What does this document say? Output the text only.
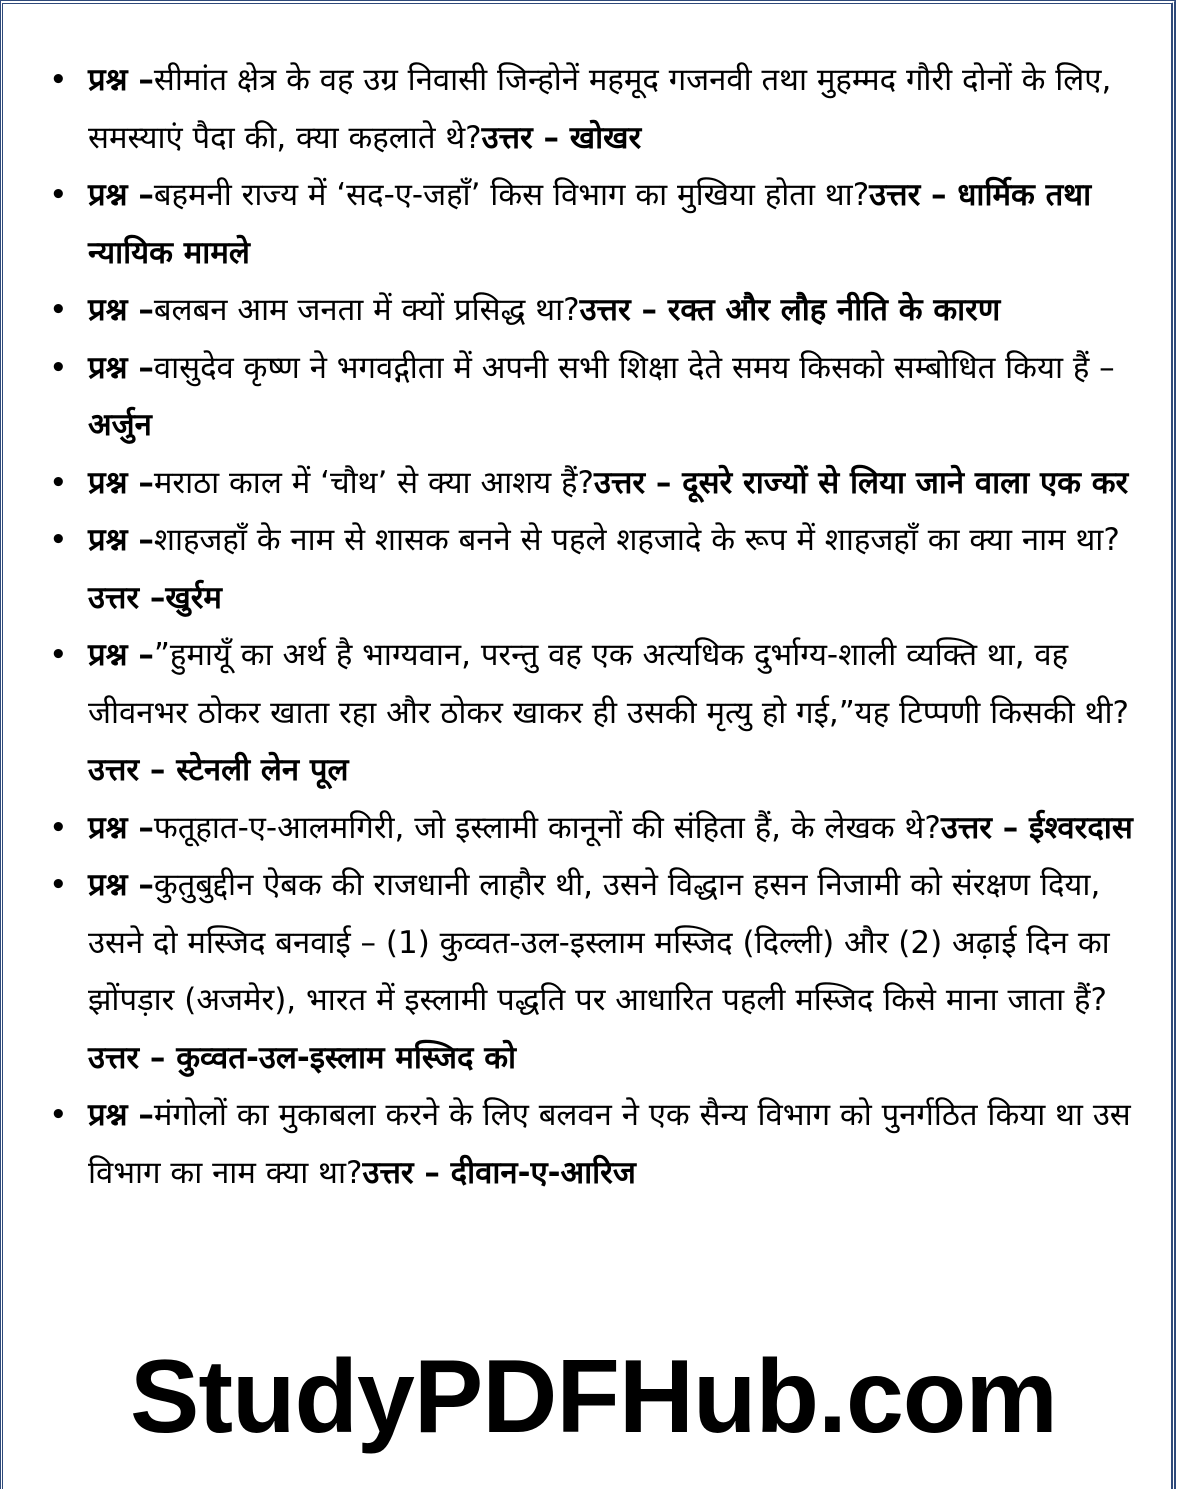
• प्रश्न –सीमांत क्षेत्र के वह उग्र निवासी जिन्होनें महमूद गजनवी तथा मुहम्मद गौरी दोनों के लिए, समस्याएं पैदा की, क्या कहलाते थे?उत्तर – खोखर
• प्रश्न –बहमनी राज्य में ‘सद-ए-जहाँ’ किस विभाग का मुखिया होता था?उत्तर – धार्मिक तथा न्यायिक मामले
• प्रश्न –बलबन आम जनता में क्यों प्रसिद्ध था?उत्तर – रक्त और लौह नीति के कारण
• प्रश्न –वासुदेव कृष्ण ने भगवद्गीता में अपनी सभी शिक्षा देते समय किसको सम्बोधित किया हैं – अर्जुन
• प्रश्न –मराठा काल में ‘चौथ’ से क्या आशय हैं?उत्तर – दूसरे राज्यों से लिया जाने वाला एक कर
• प्रश्न –शाहजहाँ के नाम से शासक बनने से पहले शहजादे के रूप में शाहजहाँ का क्या नाम था?उत्तर –खुर्रम
• प्रश्न –”हुमायूँ का अर्थ है भाग्यवान, परन्तु वह एक अत्यधिक दुर्भाग्य-शाली व्यक्ति था, वह जीवनभर ठोकर खाता रहा और ठोकर खाकर ही उसकी मृत्यु हो गई,”यह टिप्पणी किसकी थी?उत्तर – स्टेनली लेन पूल
• प्रश्न –फतूहात-ए-आलमगिरी, जो इस्लामी कानूनों की संहिता हैं, के लेखक थे?उत्तर – ईश्वरदास
• प्रश्न –कुतुबुद्दीन ऐबक की राजधानी लाहौर थी, उसने विद्धान हसन निजामी को संरक्षण दिया, उसने दो मस्जिद बनवाई – (1) कुव्वत-उल-इस्लाम मस्जिद (दिल्ली) और (2) अढ़ाई दिन का झोंपड़ार (अजमेर), भारत में इस्लामी पद्धति पर आधारित पहली मस्जिद किसे माना जाता हैं?उत्तर – कुव्वत-उल-इस्लाम मस्जिद को
• प्रश्न –मंगोलों का मुकाबला करने के लिए बलवन ने एक सैन्य विभाग को पुनर्गठित किया था उस विभाग का नाम क्या था?उत्तर – दीवान-ए-आरिज
StudyPDFHub.com
